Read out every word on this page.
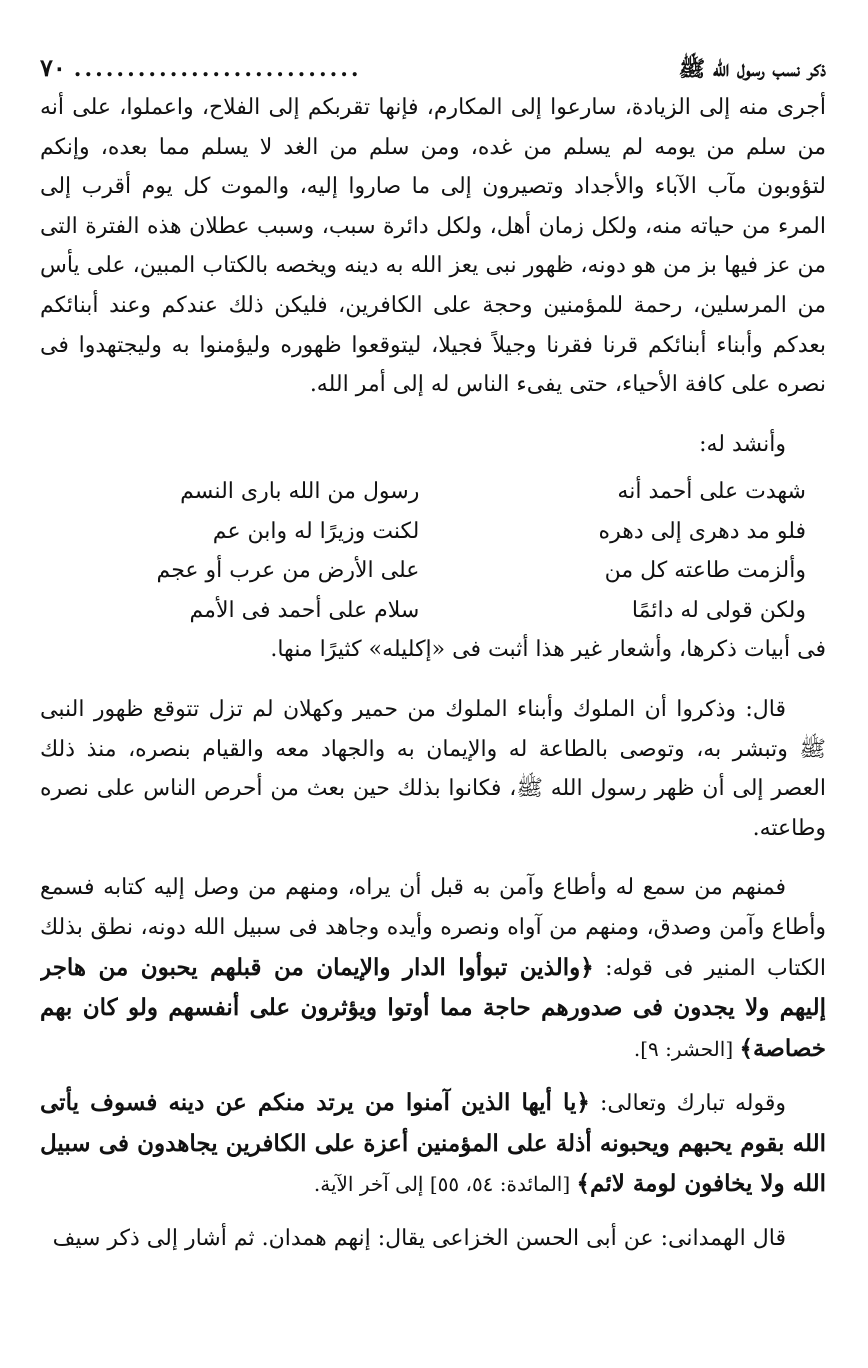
ذكر نسب رسول الله ﷺ
...........................
٧٠

أجرى منه إلى الزيادة، سارعوا إلى المكارم، فإنها تقربكم إلى الفلاح، واعملوا، على أنه من سلم من يومه لم يسلم من غده، ومن سلم من الغد لا يسلم مما بعده، وإنكم لتؤوبون مآب الآباء والأجداد وتصيرون إلى ما صاروا إليه، والموت كل يوم أقرب إلى المرء من حياته منه، ولكل زمان أهل، ولكل دائرة سبب، وسبب عطلان هذه الفترة التى من عز فيها بز من هو دونه، ظهور نبى يعز الله به دينه ويخصه بالكتاب المبين، على يأس من المرسلين، رحمة للمؤمنين وحجة على الكافرين، فليكن ذلك عندكم وعند أبنائكم بعدكم وأبناء أبنائكم قرنا فقرنا وجيلاً فجيلا، ليتوقعوا ظهوره وليؤمنوا به وليجتهدوا فى نصره على كافة الأحياء، حتى يفىء الناس له إلى أمر الله.

وأنشد له:

شهدت على أحمد أنه
رسول من الله بارى النسم
فلو مد دهرى إلى دهره
لكنت وزيرًا له وابن عم
وألزمت طاعته كل من
على الأرض من عرب أو عجم
ولكن قولى له دائمًا
سلام على أحمد فى الأمم

فى أبيات ذكرها، وأشعار غير هذا أثبت فى «إكليله» كثيرًا منها.

قال: وذكروا أن الملوك وأبناء الملوك من حمير وكهلان لم تزل تتوقع ظهور النبى ﷺ وتبشر به، وتوصى بالطاعة له والإيمان به والجهاد معه والقيام بنصره، منذ ذلك العصر إلى أن ظهر رسول الله ﷺ، فكانوا بذلك حين بعث من أحرص الناس على نصره وطاعته.

فمنهم من سمع له وأطاع وآمن به قبل أن يراه، ومنهم من وصل إليه كتابه فسمع وأطاع وآمن وصدق، ومنهم من آواه ونصره وأيده وجاهد فى سبيل الله دونه، نطق بذلك الكتاب المنير فى قوله: ﴿والذين تبوأوا الدار والإيمان من قبلهم يحبون من هاجر إليهم ولا يجدون فى صدورهم حاجة مما أوتوا ويؤثرون على أنفسهم ولو كان بهم خصاصة﴾ [الحشر: ٩].

وقوله تبارك وتعالى: ﴿يا أيها الذين آمنوا من يرتد منكم عن دينه فسوف يأتى الله بقوم يحبهم ويحبونه أذلة على المؤمنين أعزة على الكافرين يجاهدون فى سبيل الله ولا يخافون لومة لائم﴾ [المائدة: ٥٤، ٥٥] إلى آخر الآية.

قال الهمدانى: عن أبى الحسن الخزاعى يقال: إنهم همدان. ثم أشار إلى ذكر سيف
